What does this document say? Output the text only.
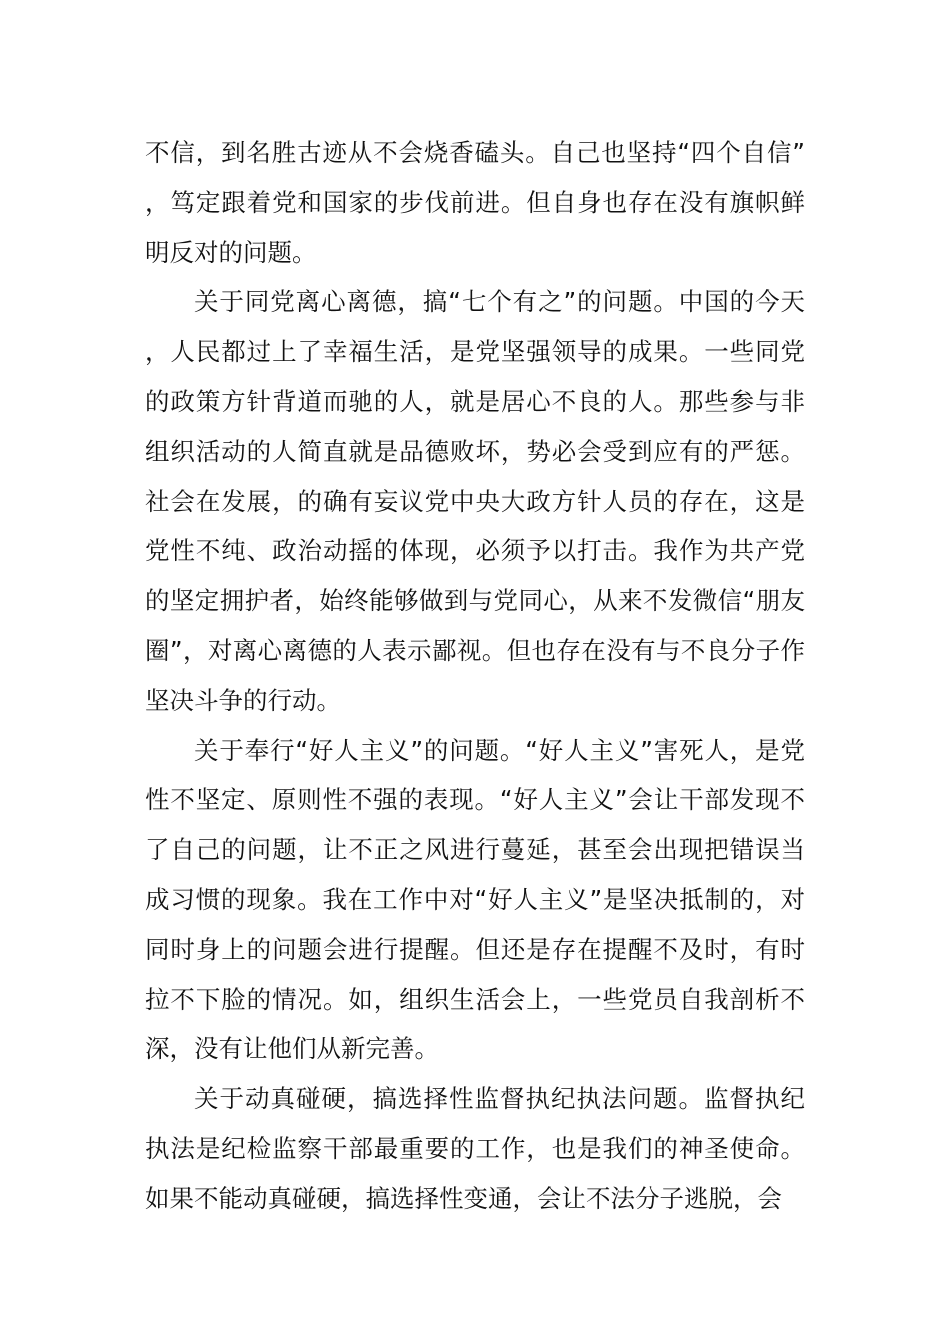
不信，到名胜古迹从不会烧香磕头。自己也坚持“四个自信”，笃定跟着党和国家的步伐前进。但自身也存在没有旗帜鲜明反对的问题。

关于同党离心离德，搞“七个有之”的问题。中国的今天，人民都过上了幸福生活，是党坚强领导的成果。一些同党的政策方针背道而驰的人，就是居心不良的人。那些参与非组织活动的人简直就是品德败坏，势必会受到应有的严惩。社会在发展，的确有妄议党中央大政方针人员的存在，这是党性不纯、政治动摇的体现，必须予以打击。我作为共产党的坚定拥护者，始终能够做到与党同心，从来不发微信“朋友圈”，对离心离德的人表示鄙视。但也存在没有与不良分子作坚决斗争的行动。

关于奉行“好人主义”的问题。“好人主义”害死人，是党性不坚定、原则性不强的表现。“好人主义”会让干部发现不了自己的问题，让不正之风进行蔓延，甚至会出现把错误当成习惯的现象。我在工作中对“好人主义”是坚决抵制的，对同时身上的问题会进行提醒。但还是存在提醒不及时，有时拉不下脸的情况。如，组织生活会上，一些党员自我剖析不深，没有让他们从新完善。

关于动真碰硬，搞选择性监督执纪执法问题。监督执纪执法是纪检监察干部最重要的工作，也是我们的神圣使命。如果不能动真碰硬，搞选择性变通，会让不法分子逃脱，会
